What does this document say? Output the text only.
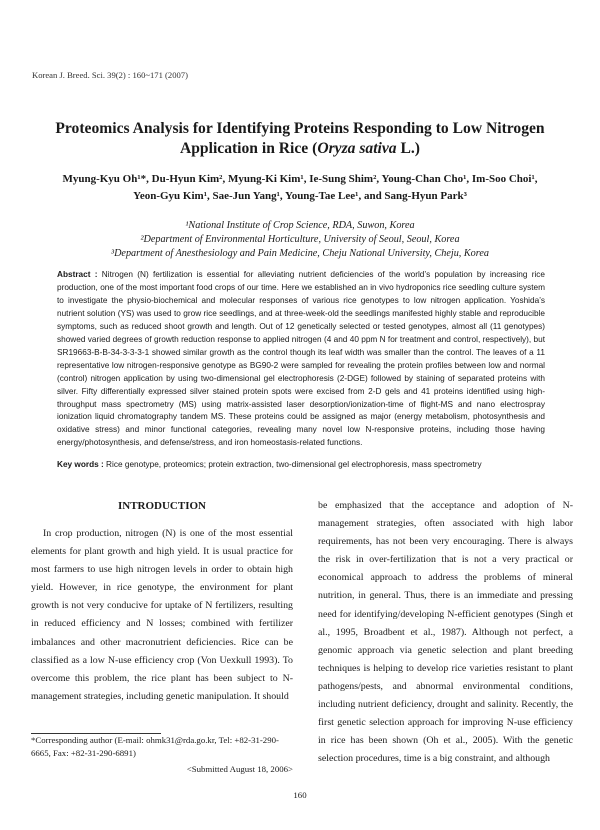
Korean J. Breed. Sci. 39(2) : 160~171 (2007)
Proteomics Analysis for Identifying Proteins Responding to Low Nitrogen
Application in Rice (Oryza sativa L.)
Myung-Kyu Oh¹*, Du-Hyun Kim², Myung-Ki Kim¹, Ie-Sung Shim², Young-Chan Cho¹, Im-Soo Choi¹,
Yeon-Gyu Kim¹, Sae-Jun Yang¹, Young-Tae Lee¹, and Sang-Hyun Park³
¹National Institute of Crop Science, RDA, Suwon, Korea
²Department of Environmental Horticulture, University of Seoul, Seoul, Korea
³Department of Anesthesiology and Pain Medicine, Cheju National University, Cheju, Korea
Abstract : Nitrogen (N) fertilization is essential for alleviating nutrient deficiencies of the world’s population by increasing rice production, one of the most important food crops of our time. Here we established an in vivo hydroponics rice seedling culture system to investigate the physio-biochemical and molecular responses of various rice genotypes to low nitrogen application. Yoshida’s nutrient solution (YS) was used to grow rice seedlings, and at three-week-old the seedlings manifested highly stable and reproducible symptoms, such as reduced shoot growth and length. Out of 12 genetically selected or tested genotypes, almost all (11 genotypes) showed varied degrees of growth reduction response to applied nitrogen (4 and 40 ppm N for treatment and control, respectively), but SR19663-B-B-34-3-3-3-1 showed similar growth as the control though its leaf width was smaller than the control. The leaves of a 11 representative low nitrogen-responsive genotype as BG90-2 were sampled for revealing the protein profiles between low and normal (control) nitrogen application by using two-dimensional gel electrophoresis (2-DGE) followed by staining of separated proteins with silver. Fifty differentially expressed silver stained protein spots were excised from 2-D gels and 41 proteins identified using high-throughput mass spectrometry (MS) using matrix-assisted laser desorption/ionization-time of flight-MS and nano electrospray ionization liquid chromatography tandem MS. These proteins could be assigned as major (energy metabolism, photosynthesis and oxidative stress) and minor functional categories, revealing many novel low N-responsive proteins, including those having energy/photosynthesis, and defense/stress, and iron homeostasis-related functions.
Key words : Rice genotype, proteomics; protein extraction, two-dimensional gel electrophoresis, mass spectrometry
INTRODUCTION
In crop production, nitrogen (N) is one of the most essential elements for plant growth and high yield. It is usual practice for most farmers to use high nitrogen levels in order to obtain high yield. However, in rice genotype, the environment for plant growth is not very conducive for uptake of N fertilizers, resulting in reduced efficiency and N losses; combined with fertilizer imbalances and other macronutrient deficiencies. Rice can be classified as a low N-use efficiency crop (Von Uexkull 1993). To overcome this problem, the rice plant has been subject to N-management strategies, including genetic manipulation. It should
be emphasized that the acceptance and adoption of N-management strategies, often associated with high labor requirements, has not been very encouraging. There is always the risk in over-fertilization that is not a very practical or economical approach to address the problems of mineral nutrition, in general. Thus, there is an immediate and pressing need for identifying/developing N-efficient genotypes (Singh et al., 1995, Broadbent et al., 1987). Although not perfect, a genomic approach via genetic selection and plant breeding techniques is helping to develop rice varieties resistant to plant pathogens/pests, and abnormal environmental conditions, including nutrient deficiency, drought and salinity. Recently, the first genetic selection approach for improving N-use efficiency in rice has been shown (Oh et al., 2005). With the genetic selection procedures, time is a big constraint, and although
*Corresponding author (E-mail: ohmk31@rda.go.kr, Tel: +82-31-290-6665, Fax: +82-31-290-6891)
<Submitted August 18, 2006>
160
